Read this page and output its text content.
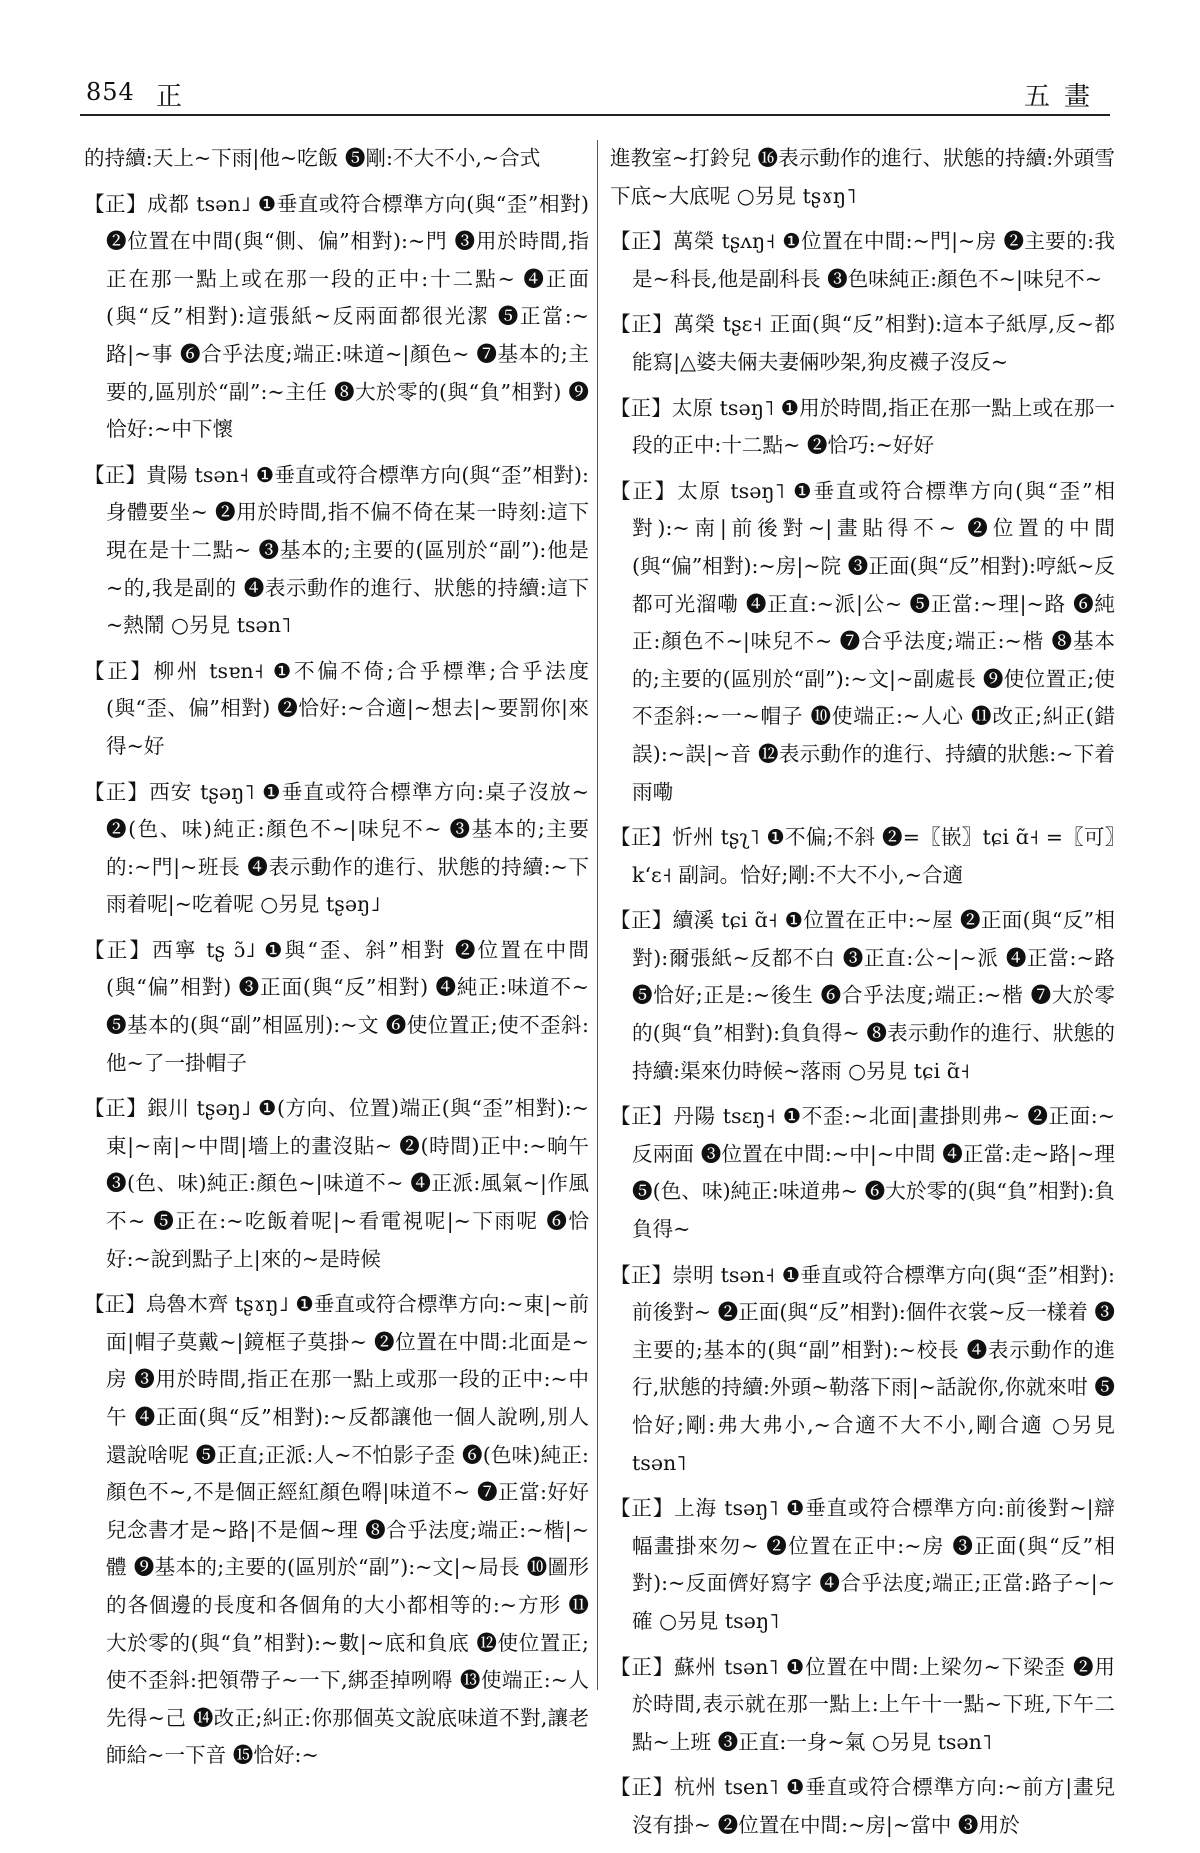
854 正	五畫

的持續:天上~下雨|他~吃飯 ❺剛:不大不小,~合式

【正】成都 tsən˩ ❶垂直或符合標準方向(與“歪”相對) ❷位置在中間(與“側、偏”相對):~門 ❸用於時間,指正在那一點上或在那一段的正中:十二點~ ❹正面(與“反”相對):這張紙~反兩面都很光潔 ❺正當:~路|~事 ❻合乎法度;端正:味道~|顏色~ ❼基本的;主要的,區別於“副”:~主任 ❽大於零的(與“負”相對) ❾恰好:~中下懷

【正】貴陽 tsən˧ ❶垂直或符合標準方向(與“歪”相對):身體要坐~ ❷用於時間,指不偏不倚在某一時刻:這下現在是十二點~ ❸基本的;主要的(區別於“副”):他是~的,我是副的 ❹表示動作的進行、狀態的持續:這下~熱鬧 ○另見 tsən˥

【正】柳州 tsɐn˧ ❶不偏不倚;合乎標準;合乎法度(與“歪、偏”相對) ❷恰好:~合適|~想去|~要罰你|來得~好

【正】西安 tʂəŋ˥ ❶垂直或符合標準方向:桌子沒放~ ❷(色、味)純正:顏色不~|味兒不~ ❸基本的;主要的:~門|~班長 ❹表示動作的進行、狀態的持續:~下雨着呢|~吃着呢 ○另見 tʂəŋ˩

【正】西寧 tʂ ɔ̃˩ ❶與“歪、斜”相對 ❷位置在中間(與“偏”相對) ❸正面(與“反”相對) ❹純正:味道不~ ❺基本的(與“副”相區別):~文 ❻使位置正;使不歪斜:他~了一掛帽子

【正】銀川 tʂəŋ˩ ❶(方向、位置)端正(與“歪”相對):~東|~南|~中間|墻上的畫沒貼~ ❷(時間)正中:~晌午 ❸(色、味)純正:顏色~|味道不~ ❹正派:風氣~|作風不~ ❺正在:~吃飯着呢|~看電視呢|~下雨呢 ❻恰好:~說到點子上|來的~是時候

【正】烏魯木齊 tʂɤŋ˩ ❶垂直或符合標準方向:~東|~前面|帽子莫戴~|鏡框子莫掛~ ❷位置在中間:北面是~房 ❸用於時間,指正在那一點上或那一段的正中:~中午 ❹正面(與“反”相對):~反都讓他一個人說咧,別人還說啥呢 ❺正直;正派:人~不怕影子歪 ❻(色味)純正:顏色不~,不是個正經紅顏色嘚|味道不~ ❼正當:好好兒念書才是~路|不是個~理 ❽合乎法度;端正:~楷|~體 ❾基本的;主要的(區別於“副”):~文|~局長 ❿圖形的各個邊的長度和各個角的大小都相等的:~方形 ⓫大於零的(與“負”相對):~數|~底和負底 ⓬使位置正;使不歪斜:把領帶子~一下,綁歪掉咧嘚 ⓭使端正:~人先得~己 ⓮改正;糾正:你那個英文說底味道不對,讓老師給~一下音 ⓯恰好:~

進教室~打鈴兒 ⓰表示動作的進行、狀態的持續:外頭雪下底~大底呢 ○另見 tʂɤŋ˥

【正】萬榮 tʂʌŋ˧ ❶位置在中間:~門|~房 ❷主要的:我是~科長,他是副科長 ❸色味純正:顏色不~|味兒不~

【正】萬榮 tʂɛ˧ 正面(與“反”相對):這本子紙厚,反~都能寫|△婆夫倆夫妻倆吵架,狗皮襪子沒反~

【正】太原 tsəŋ˥ ❶用於時間,指正在那一點上或在那一段的正中:十二點~ ❷恰巧:~好好

【正】太原 tsəŋ˥ ❶垂直或符合標準方向(與“歪”相對):~南|前後對~|畫貼得不~ ❷位置的中間(與“偏”相對):~房|~院 ❸正面(與“反”相對):哼紙~反都可光溜嘞 ❹正直:~派|公~ ❺正當:~理|~路 ❻純正:顏色不~|味兒不~ ❼合乎法度;端正:~楷 ❽基本的;主要的(區別於“副”):~文|~副處長 ❾使位置正;使不歪斜:~一~帽子 ❿使端正:~人心 ⓫改正;糾正(錯誤):~誤|~音 ⓬表示動作的進行、持續的狀態:~下着雨嘞

【正】忻州 tʂʅ˥ ❶不偏;不斜 ❷=〖嵌〗tɕi ɑ̃˧ =〖可〗kʻɛ˧ 副詞。恰好;剛:不大不小,~合適

【正】續溪 tɕi ɑ̃˧ ❶位置在正中:~屋 ❷正面(與“反”相對):爾張紙~反都不白 ❸正直:公~|~派 ❹正當:~路 ❺恰好;正是:~後生 ❻合乎法度;端正:~楷 ❼大於零的(與“負”相對):負負得~ ❽表示動作的進行、狀態的持續:渠來仂時候~落雨 ○另見 tɕi ɑ̃˧

【正】丹陽 tsɛŋ˧ ❶不歪:~北面|畫掛則弗~ ❷正面:~反兩面 ❸位置在中間:~中|~中間 ❹正當:走~路|~理 ❺(色、味)純正:味道弗~ ❻大於零的(與“負”相對):負負得~

【正】崇明 tsən˧ ❶垂直或符合標準方向(與“歪”相對):前後對~ ❷正面(與“反”相對):個件衣裳~反一樣着 ❸主要的;基本的(與“副”相對):~校長 ❹表示動作的進行,狀態的持續:外頭~勒落下雨|~話說你,你就來咁 ❺恰好;剛:弗大弗小,~合適不大不小,剛合適 ○另見 tsən˥

【正】上海 tsəŋ˥ ❶垂直或符合標準方向:前後對~|辯幅畫掛來勿~ ❷位置在正中:~房 ❸正面(與“反”相對):~反面儕好寫字 ❹合乎法度;端正;正當:路子~|~確 ○另見 tsəŋ˥

【正】蘇州 tsən˥ ❶位置在中間:上梁勿~下梁歪 ❷用於時間,表示就在那一點上:上午十一點~下班,下午二點~上班 ❸正直:一身~氣 ○另見 tsən˥

【正】杭州 tsen˥ ❶垂直或符合標準方向:~前方|畫兒沒有掛~ ❷位置在中間:~房|~當中 ❸用於
